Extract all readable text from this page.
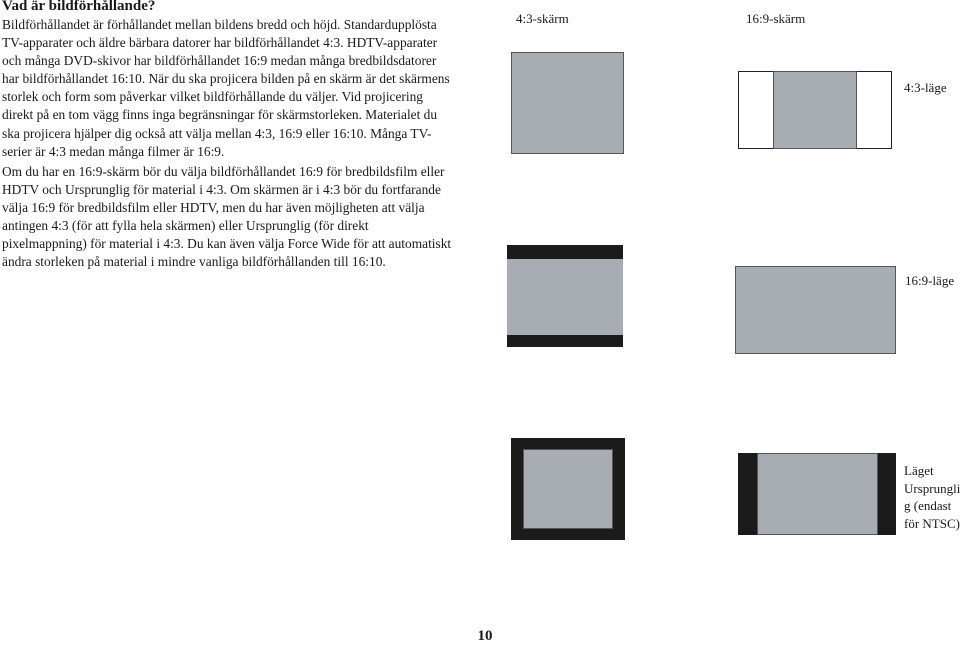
Vad är bildförhållande?
Bildförhållandet är förhållandet mellan bildens bredd och höjd. Standardupplösta
TV-apparater och äldre bärbara datorer har bildförhållandet 4:3. HDTV-apparater
och många DVD-skivor har bildförhållandet 16:9 medan många bredbildsdatorer
har bildförhållandet 16:10. När du ska projicera bilden på en skärm är det skärmens
storlek och form som påverkar vilket bildförhållande du väljer. Vid projicering
direkt på en tom vägg finns inga begränsningar för skärmstorleken. Materialet du
ska projicera hjälper dig också att välja mellan 4:3, 16:9 eller 16:10. Många TV-
serier är 4:3 medan många filmer är 16:9.
Om du har en 16:9-skärm bör du välja bildförhållandet 16:9 för bredbildsfilm eller
HDTV och Ursprunglig för material i 4:3. Om skärmen är i 4:3 bör du fortfarande
välja 16:9 för bredbildsfilm eller HDTV, men du har även möjligheten att välja
antingen 4:3 (för att fylla hela skärmen) eller Ursprunglig (för direkt
pixelmappning) för material i 4:3. Du kan även välja Force Wide för att automatiskt
ändra storleken på material i mindre vanliga bildförhållanden till 16:10.
4:3-skärm	16:9-skärm
4:3-läge
16:9-läge
Läget
Ursprungli
g (endast
för NTSC)
10
